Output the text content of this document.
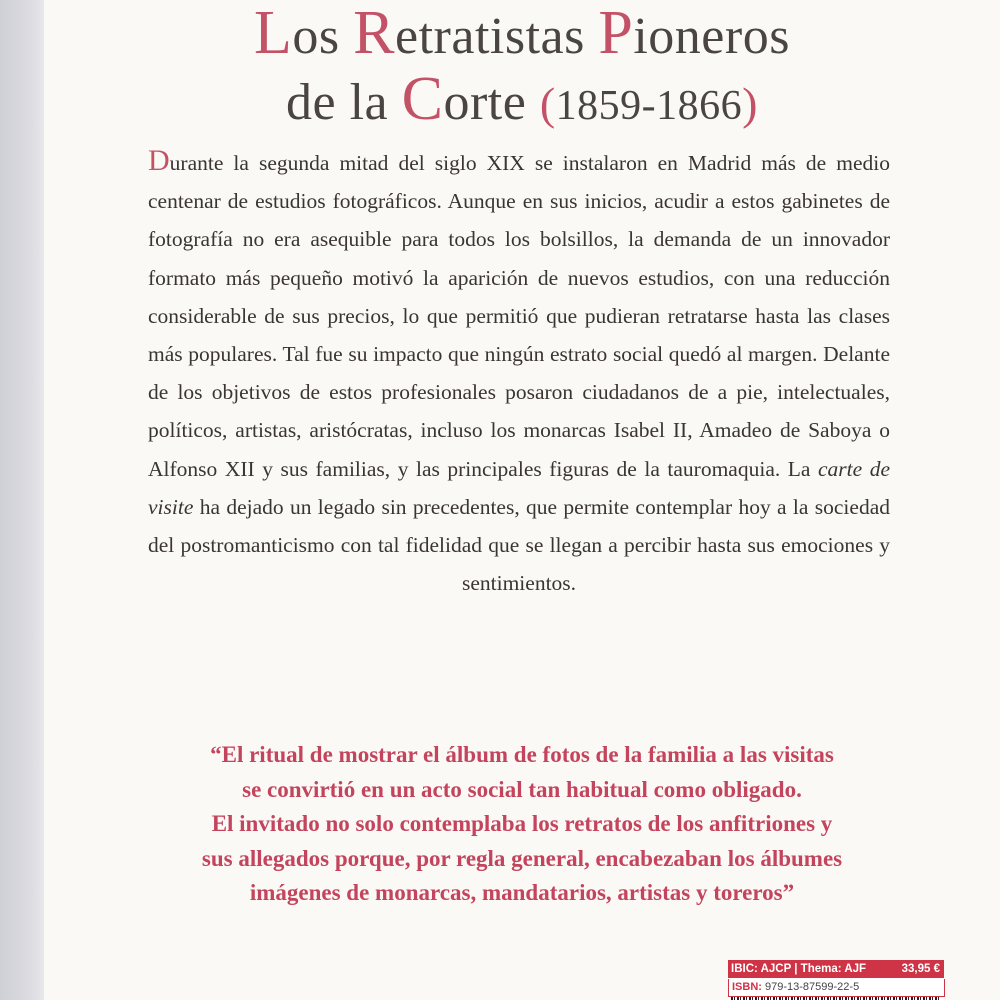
Los Retratistas Pioneros
de la Corte (1859-1866)

Durante la segunda mitad del siglo XIX se instalaron en Madrid más de medio centenar de estudios fotográficos. Aunque en sus inicios, acudir a estos gabinetes de fotografía no era asequible para todos los bolsillos, la demanda de un innovador formato más pequeño motivó la aparición de nuevos estudios, con una reducción considerable de sus precios, lo que permitió que pudieran retratarse hasta las clases más populares. Tal fue su impacto que ningún estrato social quedó al margen. Delante de los objetivos de estos profesionales posaron ciudadanos de a pie, intelectuales, políticos, artistas, aristócratas, incluso los monarcas Isabel II, Amadeo de Saboya o Alfonso XII y sus familias, y las principales figuras de la tauromaquia. La carte de visite ha dejado un legado sin precedentes, que permite contemplar hoy a la sociedad del postromanticismo con tal fidelidad que se llegan a percibir hasta sus emociones y sentimientos.

“El ritual de mostrar el álbum de fotos de la familia a las visitas
se convirtió en un acto social tan habitual como obligado.
El invitado no solo contemplaba los retratos de los anfitriones y
sus allegados porque, por regla general, encabezaban los álbumes
imágenes de monarcas, mandatarios, artistas y toreros”
IBIC: AJCP | Thema: AJF	33,95 €
ISBN: 979-13-87599-22-5
